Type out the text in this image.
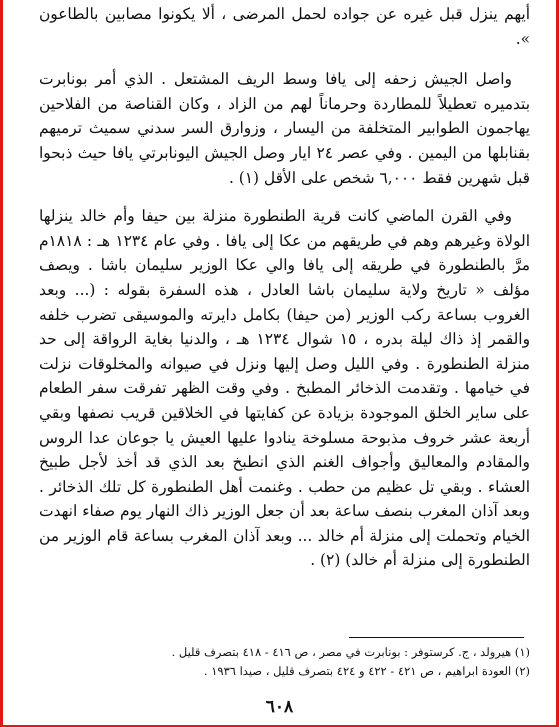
أيهم ينزل قبل غيره عن جواده لحمل المرضى ، ألا يكونوا مصابين بالطاعون ».

واصل الجيش زحفه إلى يافا وسط الريف المشتعل . الذي أمر بونابرت بتدميره تعطيلاً للمطاردة وحرماناً لهم من الزاد ، وكان القناصة من الفلاحين يهاجمون الطوابير المتخلفة من اليسار ، وزوارق السر سدني سميث ترميهم بقنابلها من اليمين . وفي عصر ٢٤ ايار وصل الجيش اليونابرتي يافا حيث ذبحوا قبل شهرين فقط ٦,٠٠٠ شخص على الأقل (١) .

وفي القرن الماضي كانت قرية الطنطورة منزلة بين حيفا وأم خالد ينزلها الولاة وغيرهم وهم في طريقهم من عكا إلى يافا . وفي عام ١٢٣٤ هـ : ١٨١٨م مرَّ بالطنطورة في طريقه إلى يافا والي عكا الوزير سليمان باشا . ويصف مؤلف « تاريخ ولاية سليمان باشا العادل ، هذه السفرة بقوله : (... وبعد الغروب بساعة ركب الوزير (من حيفا) بكامل دايرته والموسيقى تضرب خلفه والقمر إذ ذاك ليلة بدره ، ١٥ شوال ١٢٣٤ هـ ، والدنيا بغاية الرواقة إلى حد منزلة الطنطورة . وفي الليل وصل إليها ونزل في صيوانه والمخلوقات نزلت في خيامها . وتقدمت الذخائر المطبخ . وفي وقت الظهر تفرقت سفر الطعام على ساير الخلق الموجودة بزيادة عن كفايتها في الخلاقين قريب نصفها وبقي أربعة عشر خروف مذبوحة مسلوخة ينادوا عليها العيش يا جوعان عدا الروس والمقادم والمعاليق وأجواف الغنم الذي انطبخ بعد الذي قد أخذ لأجل طبيخ العشاء . وبقي تل عظيم من حطب . وغنمت أهل الطنطورة كل تلك الذخائر . وبعد آذان المغرب بنصف ساعة بعد أن جعل الوزير ذاك النهار يوم صفاء انهدت الخيام وتحملت إلى منزلة أم خالد ... وبعد آذان المغرب بساعة قام الوزير من الطنطورة إلى منزلة أم خالد) (٢) .

(١) هيرولد ، ج. كرستوفر : بونابرت في مصر ، ص ٤١٦ - ٤١٨ بتصرف قليل .

(٢) العودة ابراهيم ، ص ٤٢١ - ٤٢٢ و ٤٢٤ بتصرف قليل ، صيدا ١٩٣٦ .

٦٠٨
